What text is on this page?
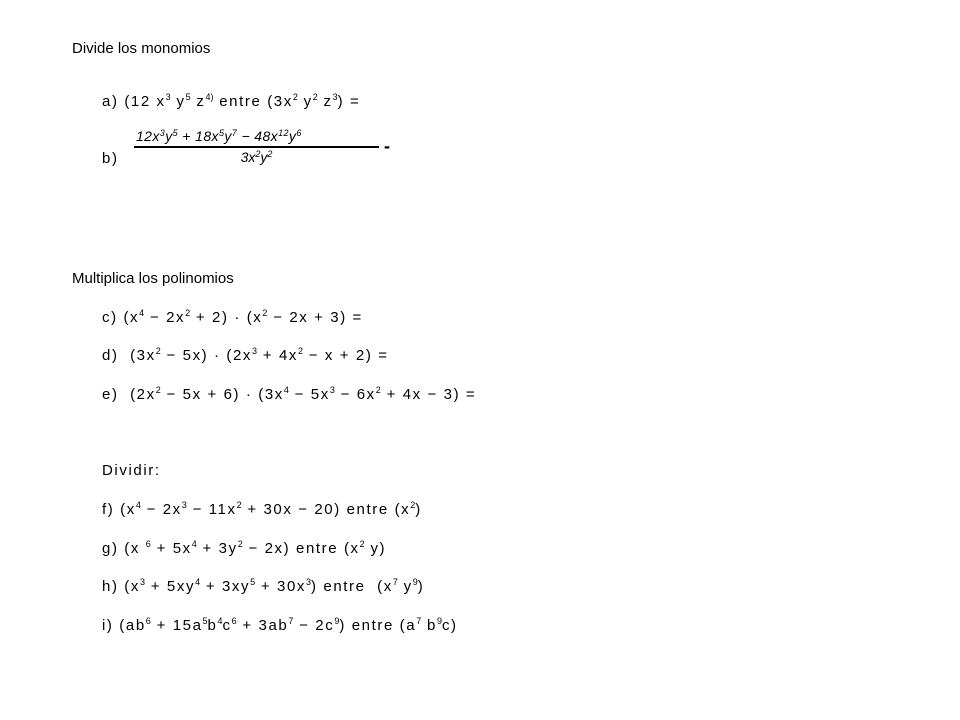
Divide los monomios
a) (12 $x^3$ $y^5$ $z^{4)}$ entre ($3x^2$ $y^2$ $z^3$) =
b)
$12x^3y^5 + 18x^5y^7 - 48x^{12}y^6$
$3x^2y^2$	-
Multiplica los polinomios
c) $(x^4 - 2x^2 + 2) \cdot (x^2 - 2x + 3)$ =
d)  $(3x^2 - 5x) \cdot (2x^3 + 4x^2 - x + 2)$ =
e)  $(2x^2 - 5x + 6) \cdot (3x^4 - 5x^3 - 6x^2 + 4x - 3)$ =
Dividir:
f) $(x^4 - 2x^3 - 11x^2 + 30x - 20)$ entre $(x^2)$
g) (x $^6 + 5x^4 + 3y^2 - 2x$) entre ($x^2$ y)
h) $(x^3 + 5xy^4 + 3xy^5 + 30x^3)$ entre  ($x^7$ $y^9$)
i) $(ab^6 + 15a^5b^4c^6 + 3ab^7 - 2c^9)$ entre ($a^7$ $b^9c$)
